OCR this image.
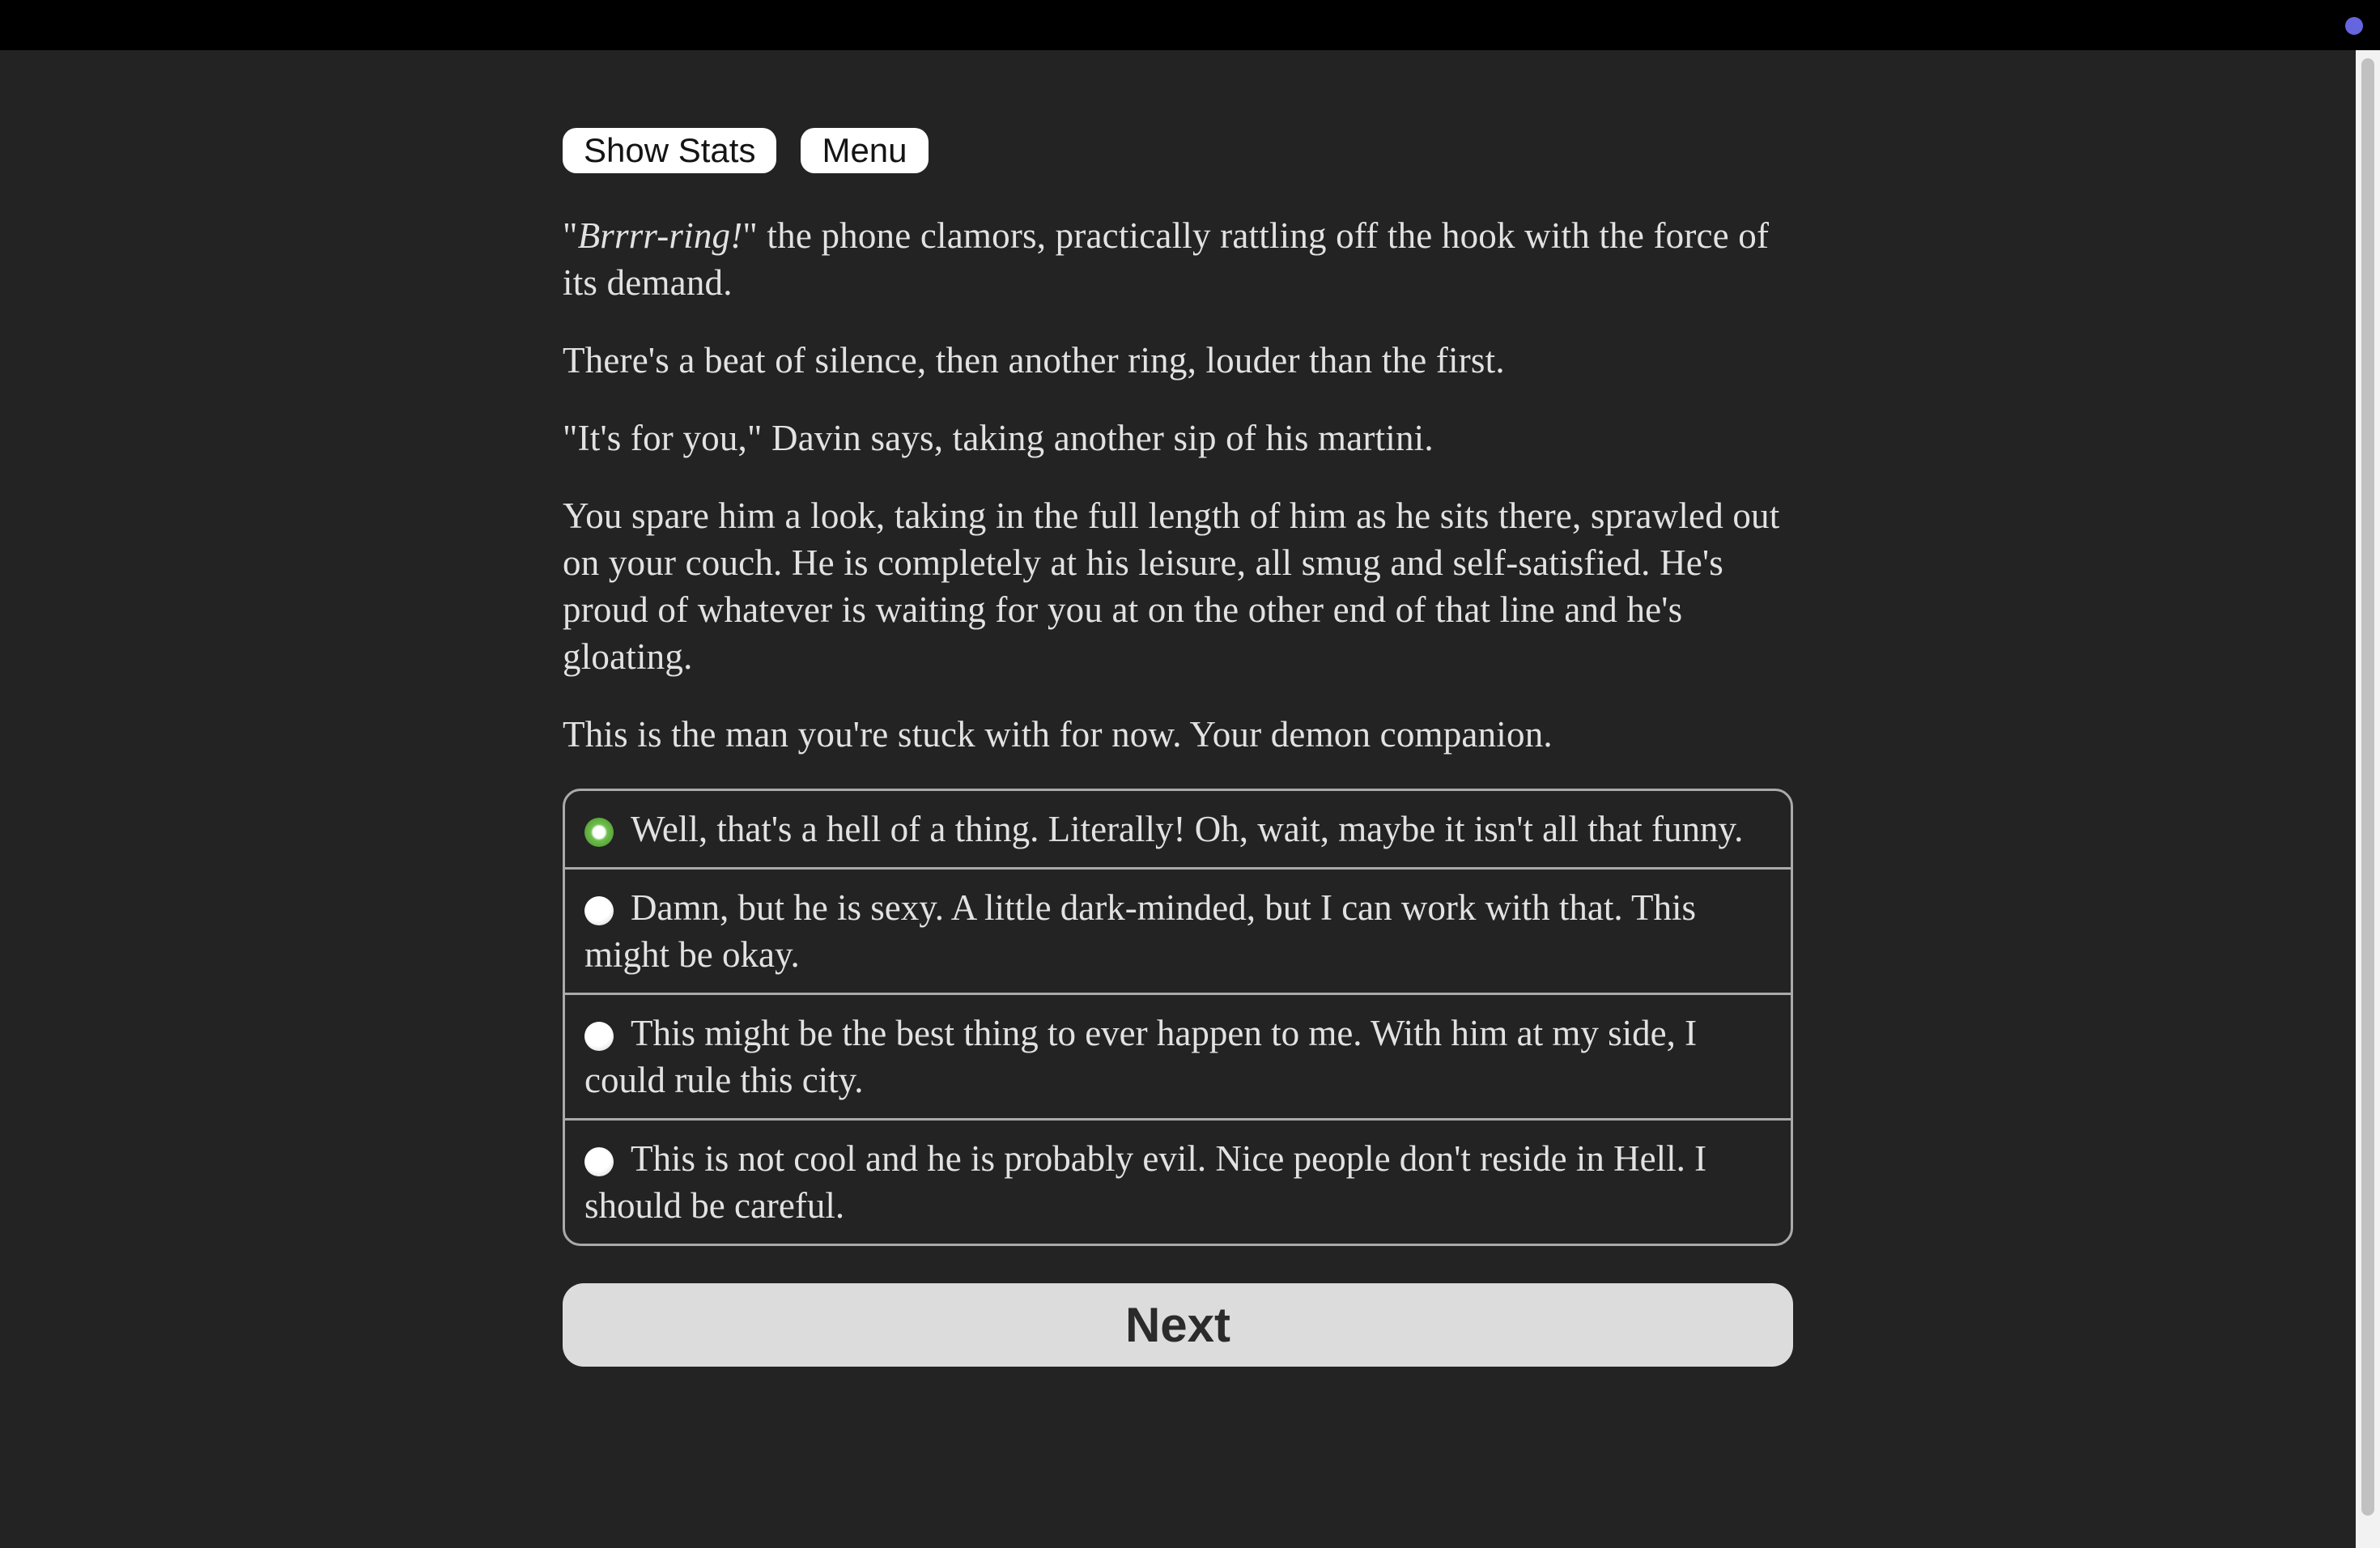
Show Stats	Menu

"Brrrr-ring!" the phone clamors, practically rattling off the hook with the force of its demand.

There's a beat of silence, then another ring, louder than the first.

"It's for you," Davin says, taking another sip of his martini.

You spare him a look, taking in the full length of him as he sits there, sprawled out on your couch. He is completely at his leisure, all smug and self-satisfied. He's proud of whatever is waiting for you at on the other end of that line and he's gloating.

This is the man you're stuck with for now. Your demon companion.

Well, that's a hell of a thing. Literally! Oh, wait, maybe it isn't all that funny.
Damn, but he is sexy. A little dark-minded, but I can work with that. This might be okay.
This might be the best thing to ever happen to me. With him at my side, I could rule this city.
This is not cool and he is probably evil. Nice people don't reside in Hell. I should be careful.
Next
